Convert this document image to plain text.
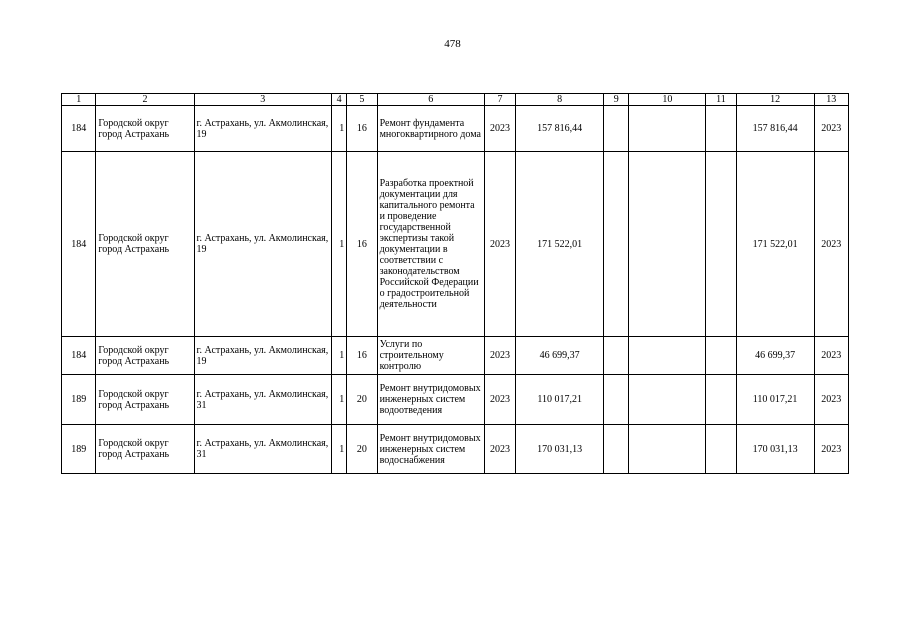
478
1	2	3	4	5	6	7	8	9	10	11	12	13
184	Городской округ город Астрахань	г. Астрахань, ул. Акмолинская, 19	1	16	Ремонт фундамента многоквартирного дома	2023	157 816,44				157 816,44	2023
184	Городской округ город Астрахань	г. Астрахань, ул. Акмолинская, 19	1	16	Разработка проектной документации для капитального ремонта и проведение государственной экспертизы такой документации в соответствии с законодательством Российской Федерации о градостроительной деятельности	2023	171 522,01				171 522,01	2023
184	Городской округ город Астрахань	г. Астрахань, ул. Акмолинская, 19	1	16	Услуги по строительному контролю	2023	46 699,37				46 699,37	2023
189	Городской округ город Астрахань	г. Астрахань, ул. Акмолинская, 31	1	20	Ремонт внутридомовых инженерных систем водоотведения	2023	110 017,21				110 017,21	2023
189	Городской округ город Астрахань	г. Астрахань, ул. Акмолинская, 31	1	20	Ремонт внутридомовых инженерных систем водоснабжения	2023	170 031,13				170 031,13	2023
